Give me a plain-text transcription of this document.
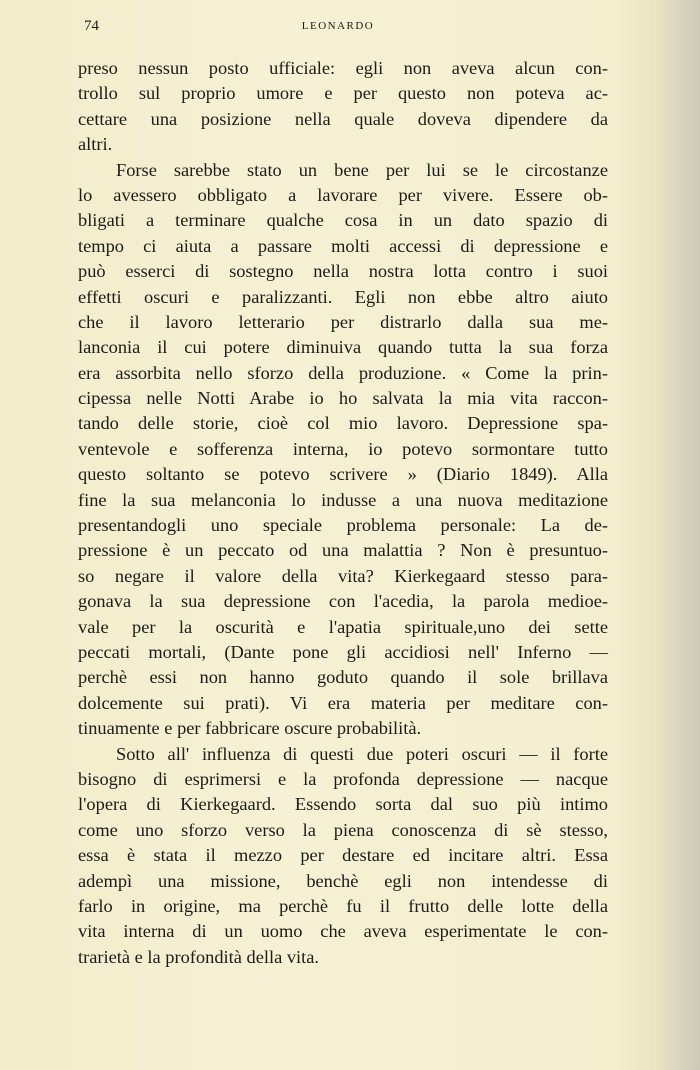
74	LEONARDO
preso nessun posto ufficiale: egli non aveva alcun con-
trollo sul proprio umore e per questo non poteva ac-
cettare una posizione nella quale doveva dipendere da
altri.
Forse sarebbe stato un bene per lui se le circostanze
lo avessero obbligato a lavorare per vivere. Essere ob-
bligati a terminare qualche cosa in un dato spazio di
tempo ci aiuta a passare molti accessi di depressione e
può esserci di sostegno nella nostra lotta contro i suoi
effetti oscuri e paralizzanti. Egli non ebbe altro aiuto
che il lavoro letterario per distrarlo dalla sua me-
lanconia il cui potere diminuiva quando tutta la sua forza
era assorbita nello sforzo della produzione. « Come la prin-
cipessa nelle Notti Arabe io ho salvata la mia vita raccon-
tando delle storie, cioè col mio lavoro. Depressione spa-
ventevole e sofferenza interna, io potevo sormontare tutto
questo soltanto se potevo scrivere » (Diario 1849). Alla
fine la sua melanconia lo indusse a una nuova meditazione
presentandogli uno speciale problema personale: La de-
pressione è un peccato od una malattia ? Non è presuntuo-
so negare il valore della vita? Kierkegaard stesso para-
gonava la sua depressione con l'acedia, la parola medioe-
vale per la oscurità e l'apatia spirituale,uno dei sette
peccati mortali, (Dante pone gli accidiosi nell' Inferno —
perchè essi non hanno goduto quando il sole brillava
dolcemente sui prati). Vi era materia per meditare con-
tinuamente e per fabbricare oscure probabilità.
Sotto all' influenza di questi due poteri oscuri — il forte
bisogno di esprimersi e la profonda depressione — nacque
l'opera di Kierkegaard. Essendo sorta dal suo più intimo
come uno sforzo verso la piena conoscenza di sè stesso,
essa è stata il mezzo per destare ed incitare altri. Essa
adempì una missione, benchè egli non intendesse di
farlo in origine, ma perchè fu il frutto delle lotte della
vita interna di un uomo che aveva esperimentate le con-
trarietà e la profondità della vita.
